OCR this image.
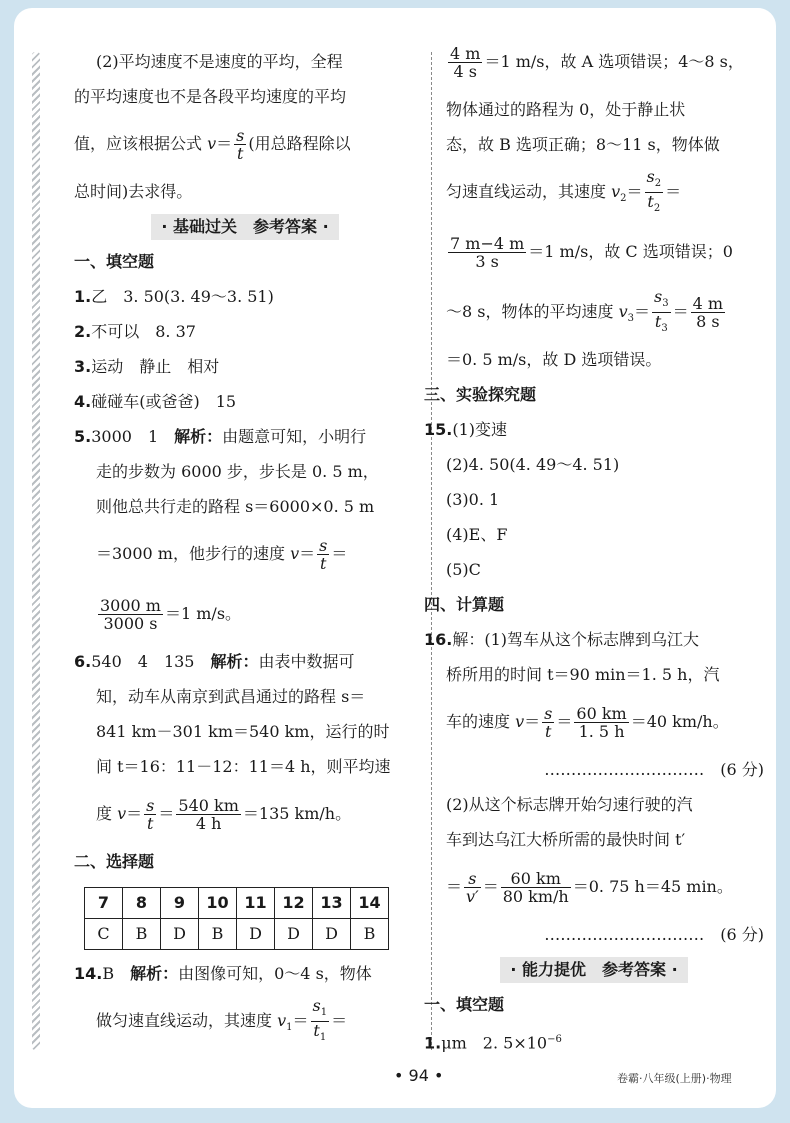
(2)平均速度不是速度的平均，全程
的平均速度也不是各段平均速度的平均
值，应该根据公式 $v= \frac{s}{t}$ (用总路程除以
总时间)去求得。
· 基础过关　参考答案 ·
一、填空题
1.乙　3. 50(3. 49～3. 51)
2.不可以　8. 37
3.运动　静止　相对
4.碰碰车(或爸爸)　15
5.3000　1　解析：由题意可知，小明行
走的步数为 6000 步，步长是 0. 5 m，
则他总共行走的路程 s＝6000×0. 5 m
＝3000 m，他步行的速度 $v= \frac{s}{t}$ ＝
$\frac{3000 m}{3000 s} =1$ m/s。
6.540　4　135　解析：由表中数据可
知，动车从南京到武昌通过的路程 s＝
841 km－301 km＝540 km，运行的时
间 t＝16：11－12：11＝4 h，则平均速
度 $v= \frac{s}{t} = \frac{540 km}{4 h} =135$ km/h。
二、选择题
7	8	9	10	11	12	13	14
C	B	D	B	D	D	D	B
14.B　解析：由图像可知，0～4 s，物体
做匀速直线运动，其速度 $v_1= \frac{s_1}{t_1}$ ＝
$\frac{4 m}{4 s} =1$ m/s，故 A 选项错误；4～8 s，
物体通过的路程为 0，处于静止状
态，故 B 选项正确；8～11 s，物体做
匀速直线运动，其速度 $v_2= \frac{s_2}{t_2}$ ＝
$\frac{7 m-4 m}{3 s} =1$ m/s，故 C 选项错误；0
～8 s，物体的平均速度 $v_3= \frac{s_3}{t_3} = \frac{4 m}{8 s}$
＝0. 5 m/s，故 D 选项错误。
三、实验探究题
15.(1)变速
(2)4. 50(4. 49～4. 51)
(3)0. 1
(4)E、F
(5)C
四、计算题
16.解：(1)驾车从这个标志牌到乌江大
桥所用的时间 t＝90 min＝1. 5 h，汽
车的速度 $v= \frac{s}{t} = \frac{60 km}{1. 5 h} =40$ km/h。
…………………………　(6 分)
(2)从这个标志牌开始匀速行驶的汽
车到达乌江大桥所需的最快时间 t′
＝ $\frac{s}{v'} = \frac{60 km}{80 km/h} =0$. 75 h＝45 min。
…………………………　(6 分)
· 能力提优　参考答案 ·
一、填空题
1.μm　2. $5\times 10^{-6}$
• 94 •	卷霸·八年级(上册)·物理
